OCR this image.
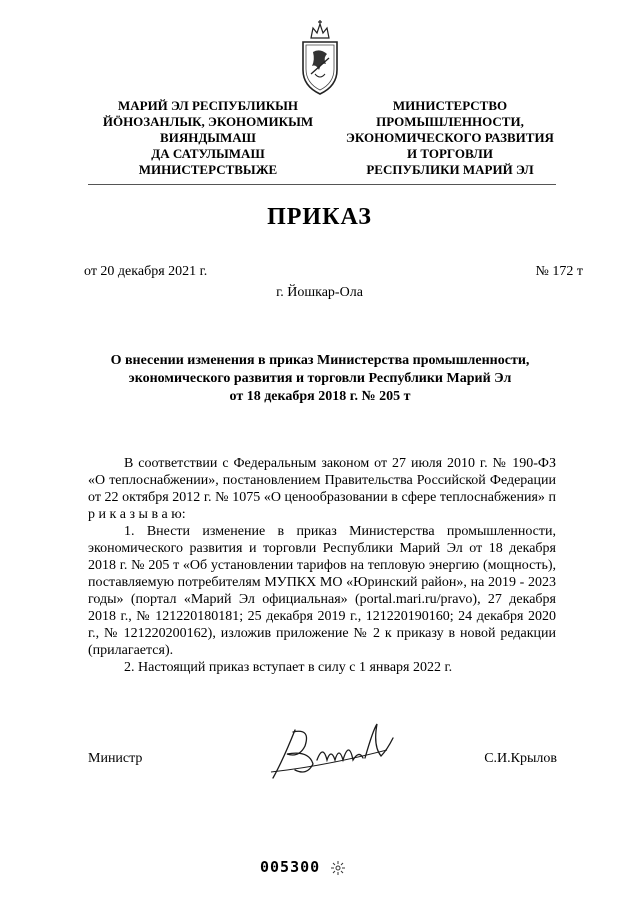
МАРИЙ ЭЛ РЕСПУБЛИКЫН
ЙÖНОЗАНЛЫК, ЭКОНОМИКЫМ
ВИЯНДЫМАШ
ДА САТУЛЫМАШ
МИНИСТЕРСТВЫЖЕ
МИНИСТЕРСТВО
ПРОМЫШЛЕННОСТИ,
ЭКОНОМИЧЕСКОГО РАЗВИТИЯ
И ТОРГОВЛИ
РЕСПУБЛИКИ МАРИЙ ЭЛ
ПРИКАЗ
от 20 декабря 2021 г.	№ 172 т
г. Йошкар-Ола
О внесении изменения в приказ Министерства промышленности,
экономического развития и торговли Республики Марий Эл
от 18 декабря 2018 г. № 205 т

В соответствии с Федеральным законом от 27 июля 2010 г. № 190-ФЗ «О теплоснабжении», постановлением Правительства Российской Федерации от 22 октября 2012 г. № 1075 «О ценообразовании в сфере теплоснабжения» п р и к а з ы в а ю:

1. Внести изменение в приказ Министерства промышленности, экономического развития и торговли Республики Марий Эл от 18 декабря 2018 г. № 205 т «Об установлении тарифов на тепловую энергию (мощность), поставляемую потребителям МУПКХ МО «Юринский район», на 2019 - 2023 годы» (портал «Марий Эл официальная» (portal.mari.ru/pravo), 27 декабря 2018 г., № 121220180181; 25 декабря 2019 г., 121220190160; 24 декабря 2020 г., № 121220200162), изложив приложение № 2 к приказу в новой редакции (прилагается).

2. Настоящий приказ вступает в силу с 1 января 2022 г.

Министр	С.И.Крылов
005300
